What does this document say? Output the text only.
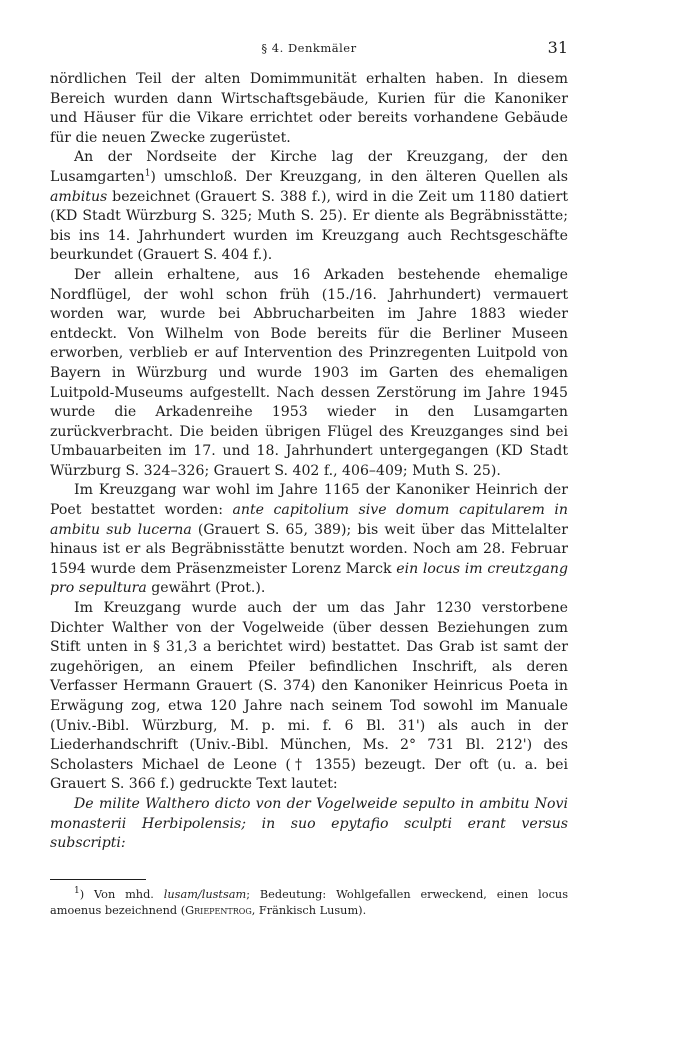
§ 4. Denkmäler	31

nördlichen Teil der alten Domimmunität erhalten haben. In diesem Bereich wurden dann Wirtschaftsgebäude, Kurien für die Kanoniker und Häuser für die Vikare errichtet oder bereits vorhandene Gebäude für die neuen Zwecke zugerüstet.

An der Nordseite der Kirche lag der Kreuzgang, der den Lusamgarten$^1$) umschloß. Der Kreuzgang, in den älteren Quellen als ambitus bezeichnet (Grauert S. 388 f.), wird in die Zeit um 1180 datiert (KD Stadt Würzburg S. 325; Muth S. 25). Er diente als Begräbnisstätte; bis ins 14. Jahrhundert wurden im Kreuzgang auch Rechtsgeschäfte beurkundet (Grauert S. 404 f.).

Der allein erhaltene, aus 16 Arkaden bestehende ehemalige Nordflügel, der wohl schon früh (15./16. Jahrhundert) vermauert worden war, wurde bei Abbrucharbeiten im Jahre 1883 wieder entdeckt. Von Wilhelm von Bode bereits für die Berliner Museen erworben, verblieb er auf Intervention des Prinzregenten Luitpold von Bayern in Würzburg und wurde 1903 im Garten des ehemaligen Luitpold-Museums aufgestellt. Nach dessen Zerstörung im Jahre 1945 wurde die Arkadenreihe 1953 wieder in den Lusamgarten zurückverbracht. Die beiden übrigen Flügel des Kreuzganges sind bei Umbauarbeiten im 17. und 18. Jahrhundert untergegangen (KD Stadt Würzburg S. 324–326; Grauert S. 402 f., 406–409; Muth S. 25).

Im Kreuzgang war wohl im Jahre 1165 der Kanoniker Heinrich der Poet bestattet worden: ante capitolium sive domum capitularem in ambitu sub lucerna (Grauert S. 65, 389); bis weit über das Mittelalter hinaus ist er als Begräbnisstätte benutzt worden. Noch am 28. Februar 1594 wurde dem Präsenzmeister Lorenz Marck ein locus im creutzgang pro sepultura gewährt (Prot.).

Im Kreuzgang wurde auch der um das Jahr 1230 verstorbene Dichter Walther von der Vogelweide (über dessen Beziehungen zum Stift unten in § 31,3 a berichtet wird) bestattet. Das Grab ist samt der zugehörigen, an einem Pfeiler befindlichen Inschrift, als deren Verfasser Hermann Grauert (S. 374) den Kanoniker Heinricus Poeta in Erwägung zog, etwa 120 Jahre nach seinem Tod sowohl im Manuale (Univ.-Bibl. Würzburg, M. p. mi. f. 6 Bl. 31') als auch in der Liederhandschrift (Univ.-Bibl. München, Ms. 2° 731 Bl. 212') des Scholasters Michael de Leone († 1355) bezeugt. Der oft (u. a. bei Grauert S. 366 f.) gedruckte Text lautet:

De milite Walthero dicto von der Vogelweide sepulto in ambitu Novi monasterii Herbipolensis; in suo epytafio sculpti erant versus subscripti:

$^1$) Von mhd. lusam/lustsam; Bedeutung: Wohlgefallen erweckend, einen locus amoenus bezeichnend (Griepentrog, Fränkisch Lusum).
